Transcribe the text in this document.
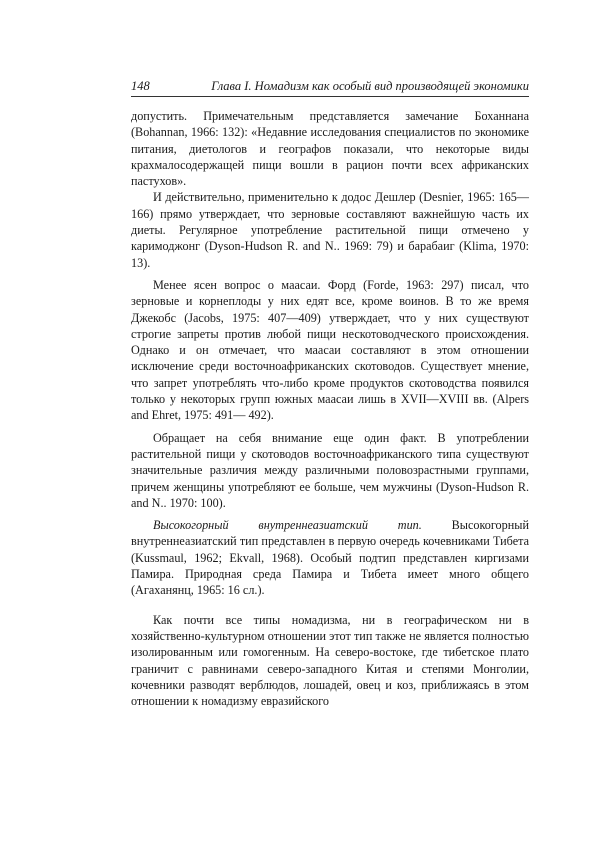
148	Глава I. Номадизм как особый вид производящей экономики

допустить. Примечательным представляется замечание Боханнана (Bohannan, 1966: 132): «Недавние исследования специалистов по экономике питания, диетологов и географов показали, что некоторые виды крахмалосодержащей пищи вошли в рацион почти всех африканских пастухов».

И действительно, применительно к додос Дешлер (Desnier, 1965: 165—166) прямо утверждает, что зерновые составляют важнейшую часть их диеты. Регулярное употребление растительной пищи отмечено у каримоджонг (Dyson-Hudson R. and N.. 1969: 79) и барабаиг (Klima, 1970: 13).

Менее ясен вопрос о маасаи. Форд (Forde, 1963: 297) писал, что зерновые и корнеплоды у них едят все, кроме воинов. В то же время Джекобс (Jacobs, 1975: 407—409) утверждает, что у них существуют строгие запреты против любой пищи нескотоводческого происхождения. Однако и он отмечает, что маасаи составляют в этом отношении исключение среди восточноафриканских скотоводов. Существует мнение, что запрет употреблять что-либо кроме продуктов скотоводства появился только у некоторых групп южных маасаи лишь в XVII—XVIII вв. (Alpers and Ehret, 1975: 491— 492).

Обращает на себя внимание еще один факт. В употреблении растительной пищи у скотоводов восточноафриканского типа существуют значительные различия между различными половозрастными группами, причем женщины употребляют ее больше, чем мужчины (Dyson-Hudson R. and N.. 1970: 100).

Высокогорный внутреннеазиатский тип. Высокогорный внутреннеазиатский тип представлен в первую очередь кочевниками Тибета (Kussmaul, 1962; Ekvall, 1968). Особый подтип представлен киргизами Памира. Природная среда Памира и Тибета имеет много общего (Агаханянц, 1965: 16 сл.).

Как почти все типы номадизма, ни в географическом ни в хозяйственно-культурном отношении этот тип также не является полностью изолированным или гомогенным. На северо-востоке, где тибетское плато граничит с равнинами северо-западного Китая и степями Монголии, кочевники разводят верблюдов, лошадей, овец и коз, приближаясь в этом отношении к номадизму евразийского
